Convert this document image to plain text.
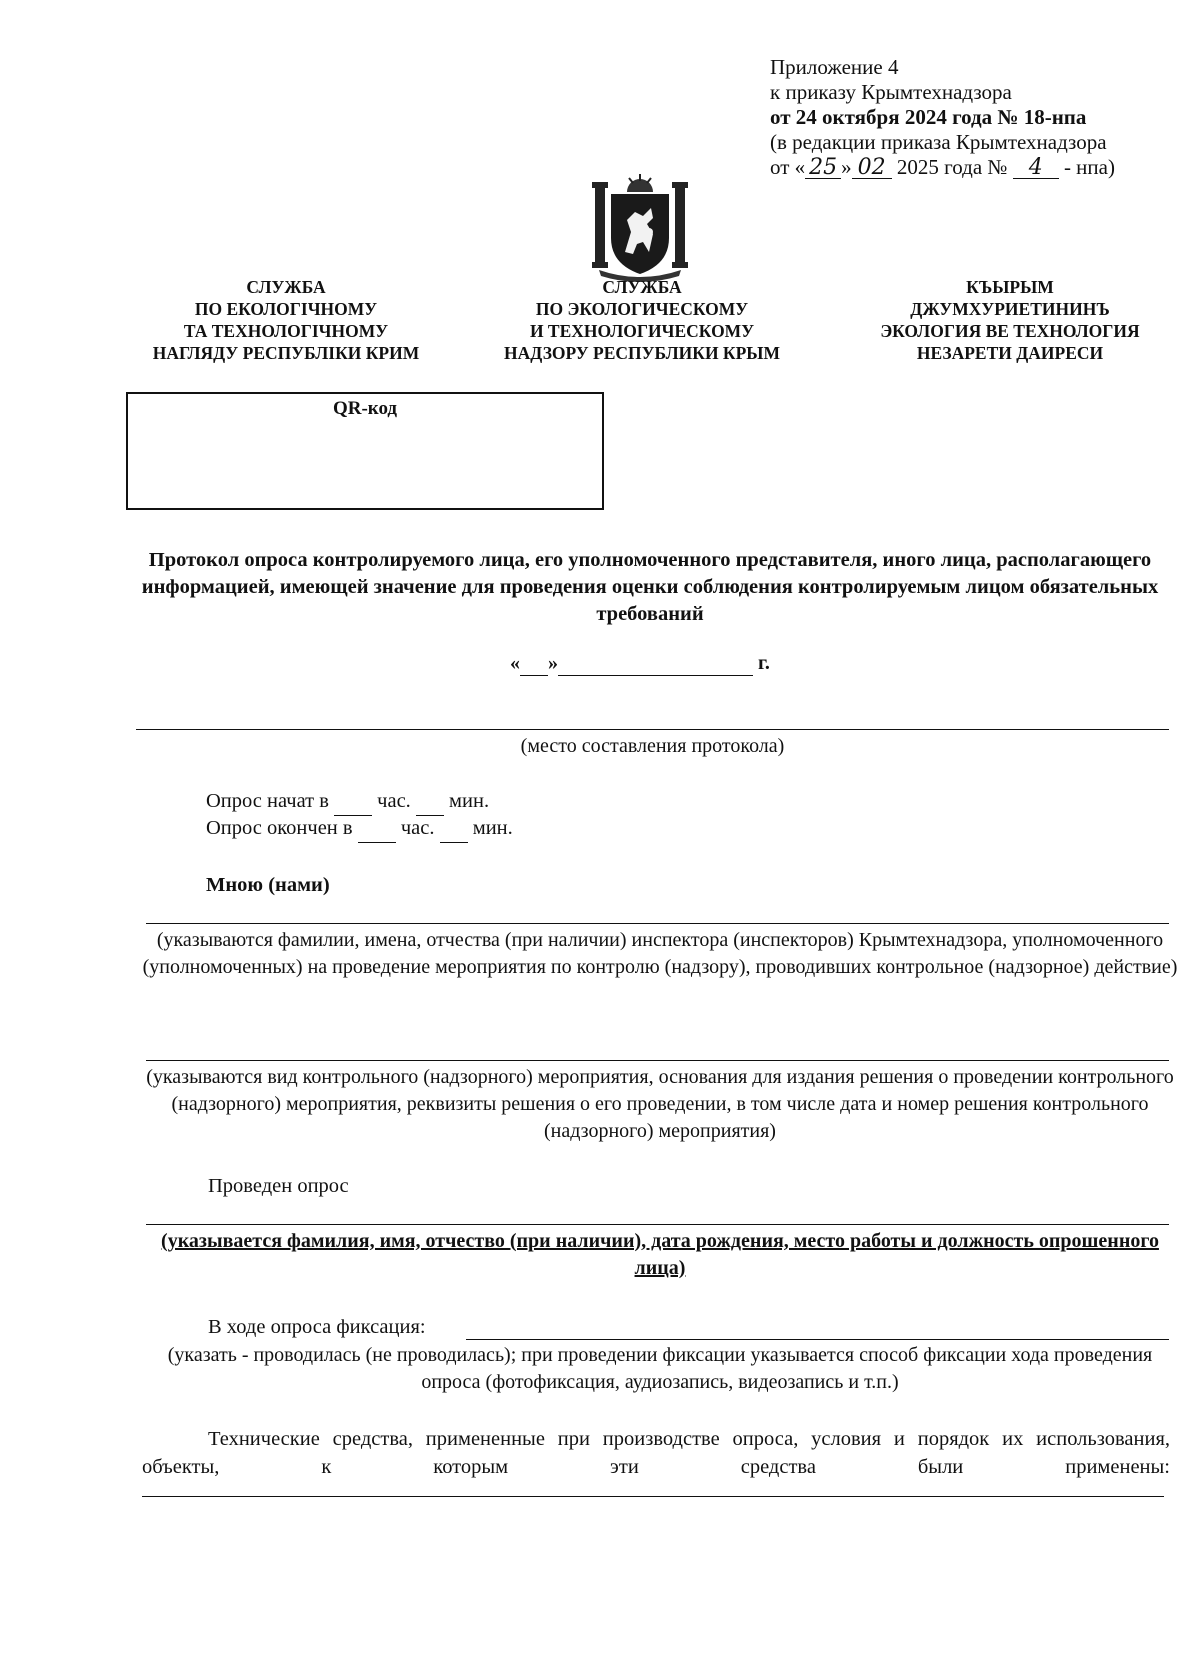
Приложение 4
к приказу Крымтехнадзора
от 24 октября 2024 года № 18-нпа
(в редакции приказа Крымтехнадзора
от « 25 » 02 2025 года № 4 - нпа)
СЛУЖБА
ПО ЕКОЛОГІЧНОМУ
ТА ТЕХНОЛОГІЧНОМУ
НАГЛЯДУ РЕСПУБЛІКИ КРИМ
СЛУЖБА
ПО ЭКОЛОГИЧЕСКОМУ
И ТЕХНОЛОГИЧЕСКОМУ
НАДЗОРУ РЕСПУБЛИКИ КРЫМ
КЪЫРЫМ
ДЖУМХУРИЕТИНИНЪ
ЭКОЛОГИЯ ВЕ ТЕХНОЛОГИЯ
НЕЗАРЕТИ ДАИРЕСИ
QR-код
Протокол опроса контролируемого лица, его уполномоченного представителя, иного лица, располагающего информацией, имеющей значение для проведения оценки соблюдения контролируемым лицом обязательных требований
« »	г.
(место составления протокола)
Опрос начат в час. мин.
Опрос окончен в час. мин.
Мною (нами)
(указываются фамилии, имена, отчества (при наличии) инспектора (инспекторов) Крымтехнадзора, уполномоченного (уполномоченных) на проведение мероприятия по контролю (надзору), проводивших контрольное (надзорное) действие)
(указываются вид контрольного (надзорного) мероприятия, основания для издания решения о проведении контрольного (надзорного) мероприятия, реквизиты решения о его проведении, в том числе дата и номер решения контрольного (надзорного) мероприятия)
Проведен опрос
(указывается фамилия, имя, отчество (при наличии), дата рождения, место работы и должность опрошенного лица)
В ходе опроса фиксация:
(указать - проводилась (не проводилась); при проведении фиксации указывается способ фиксации хода проведения опроса (фотофиксация, аудиозапись, видеозапись и т.п.)
Технические средства, примененные при производстве опроса, условия и порядок их использования, объекты, к которым эти средства были применены:
